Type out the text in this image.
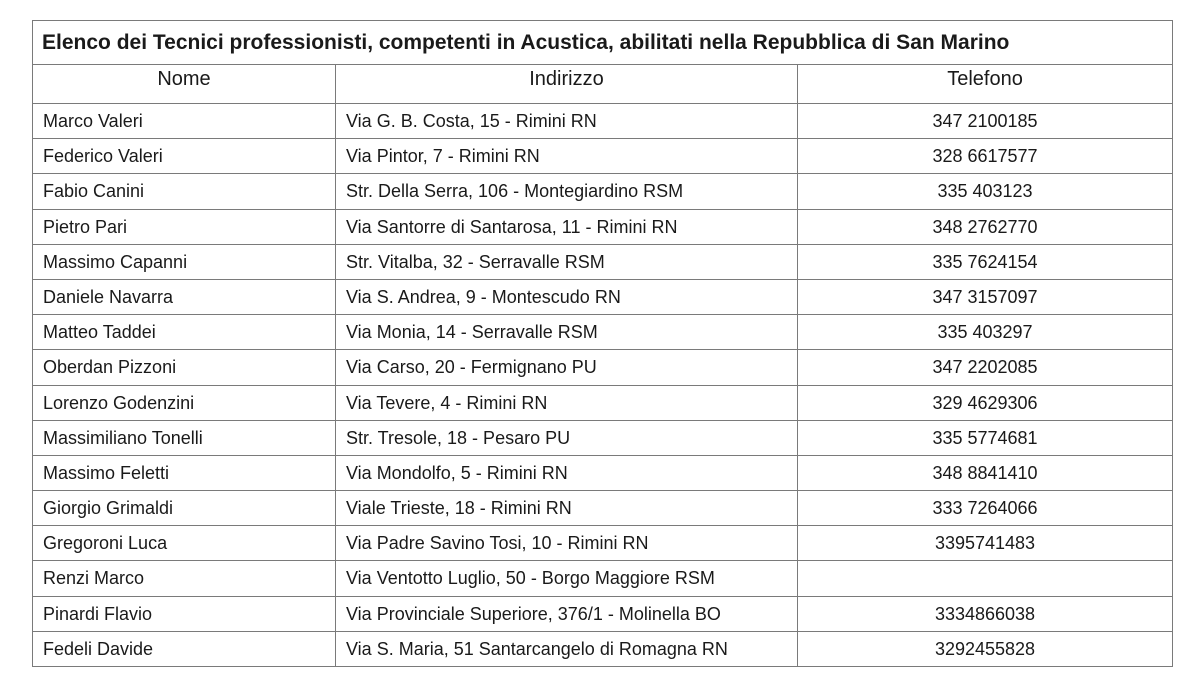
Elenco dei Tecnici professionisti, competenti in Acustica, abilitati nella Repubblica di San Marino		
Nome	Indirizzo	Telefono
Marco Valeri	Via G. B. Costa, 15 - Rimini RN	347 2100185
Federico Valeri	Via Pintor, 7 - Rimini RN	328 6617577
Fabio Canini	Str. Della Serra, 106 - Montegiardino RSM	335 403123
Pietro Pari	Via Santorre di Santarosa, 11 - Rimini RN	348 2762770
Massimo Capanni	Str. Vitalba, 32 - Serravalle RSM	335 7624154
Daniele Navarra	Via S. Andrea, 9 - Montescudo RN	347 3157097
Matteo Taddei	Via Monia, 14 - Serravalle RSM	335 403297
Oberdan Pizzoni	Via Carso, 20 - Fermignano PU	347 2202085
Lorenzo Godenzini	Via Tevere, 4 - Rimini RN	329 4629306
Massimiliano Tonelli	Str. Tresole, 18 - Pesaro PU	335 5774681
Massimo Feletti	Via Mondolfo, 5 - Rimini RN	348 8841410
Giorgio Grimaldi	Viale Trieste, 18 - Rimini RN	333 7264066
Gregoroni Luca	Via Padre Savino Tosi, 10 - Rimini RN	3395741483
Renzi Marco	Via Ventotto Luglio, 50 - Borgo Maggiore RSM	
Pinardi Flavio	Via Provinciale Superiore, 376/1 - Molinella BO	3334866038
Fedeli Davide	Via S. Maria, 51 Santarcangelo di Romagna RN	3292455828
